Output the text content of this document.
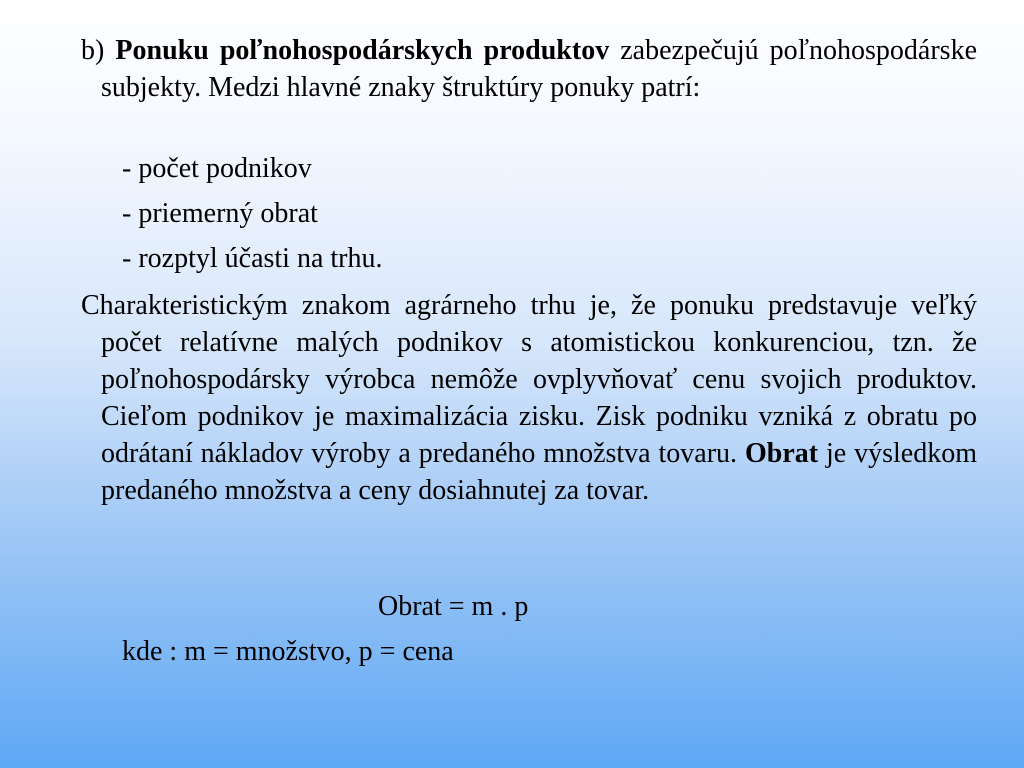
b) Ponuku poľnohospodárskych produktov zabezpečujú poľnohospodárske subjekty. Medzi hlavné znaky štruktúry ponuky patrí:
- počet podnikov
- priemerný obrat
- rozptyl účasti na trhu.
Charakteristickým znakom agrárneho trhu je, že ponuku predstavuje veľký počet relatívne malých podnikov s atomistickou konkurenciou, tzn. že poľnohospodársky výrobca nemôže ovplyvňovať cenu svojich produktov. Cieľom podnikov je maximalizácia zisku. Zisk podniku vzniká z obratu po odrátaní nákladov výroby a predaného množstva tovaru. Obrat je výsledkom predaného množstva a ceny dosiahnutej za tovar.
Obrat = m . p
kde : m = množstvo, p = cena
